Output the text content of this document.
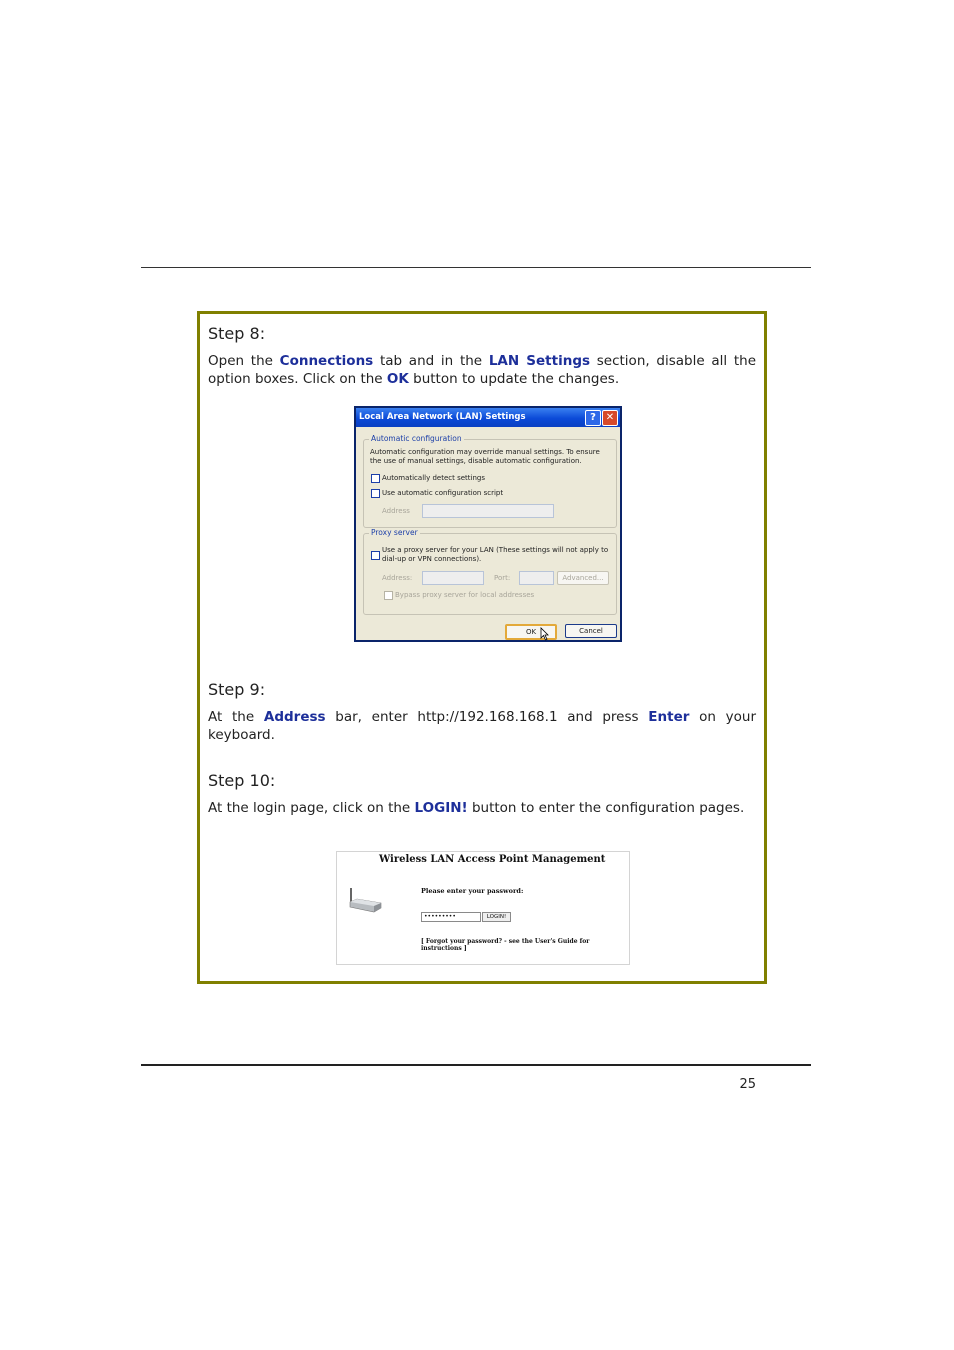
Step 8:
Open the Connections tab and in the LAN Settings section, disable all the option boxes. Click on the OK button to update the changes.
Local Area Network (LAN) Settings	? ✕
Automatic configuration
Automatic configuration may override manual settings. To ensure the use of manual settings, disable automatic configuration.
Automatically detect settings
Use automatic configuration script
Address
Proxy server
Use a proxy server for your LAN (These settings will not apply to dial-up or VPN connections).
Address:	Port:	Advanced...
Bypass proxy server for local addresses
OK	Cancel
Step 9:
At the Address bar, enter http://192.168.168.1 and press Enter on your keyboard.
Step 10:
At the login page, click on the LOGIN! button to enter the configuration pages.
Wireless LAN Access Point Management
Please enter your password:
•••••••••	LOGIN!
[ Forgot your password? - see the User's Guide for instructions ]
25
